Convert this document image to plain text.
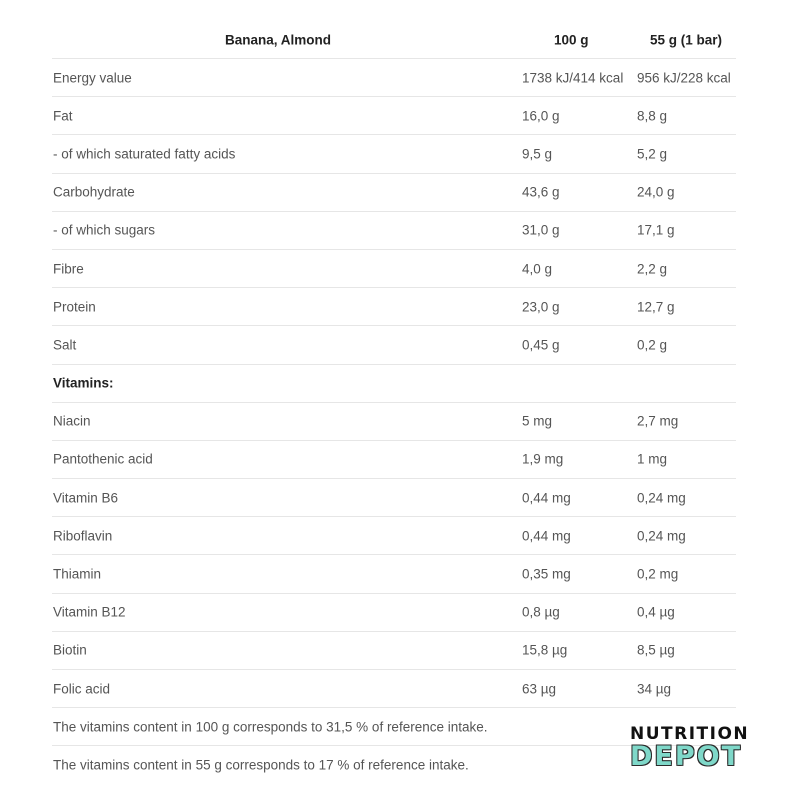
Banana, Almond	100 g	55 g (1 bar)
Energy value	1738 kJ/414 kcal 956 kJ/228 kcal
Fat	16,0 g	8,8 g
- of which saturated fatty acids	9,5 g	5,2 g
Carbohydrate	43,6 g	24,0 g
- of which sugars	31,0 g	17,1 g
Fibre	4,0 g	2,2 g
Protein	23,0 g	12,7 g
Salt	0,45 g	0,2 g
Vitamins:
Niacin	5 mg	2,7 mg
Pantothenic acid	1,9 mg	1 mg
Vitamin B6	0,44 mg	0,24 mg
Riboflavin	0,44 mg	0,24 mg
Thiamin	0,35 mg	0,2 mg
Vitamin B12	0,8 µg	0,4 µg
Biotin	15,8 µg	8,5 µg
Folic acid	63 µg	34 µg
The vitamins content in 100 g corresponds to 31,5 % of reference intake.
The vitamins content in 55 g corresponds to 17 % of reference intake.
NUTRITION
DEPOT
